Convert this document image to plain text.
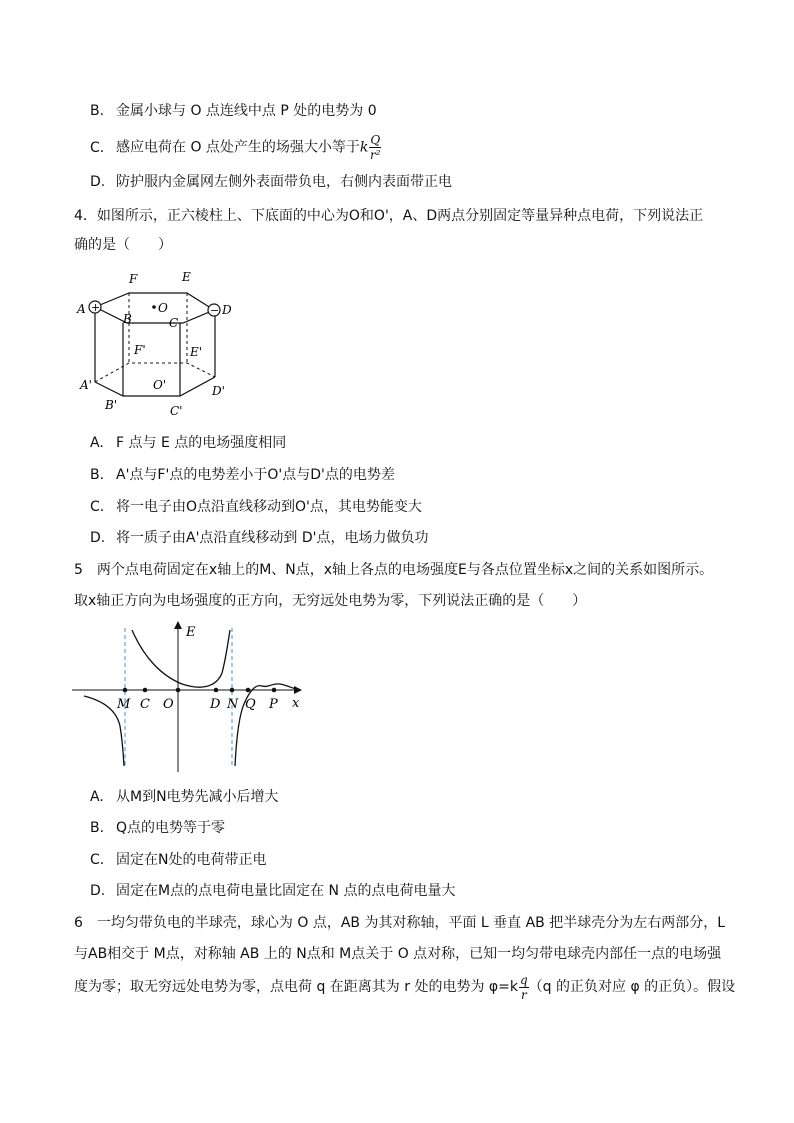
B. 金属小球与 O 点连线中点 P 处的电势为 0
C. 感应电荷在 O 点处产生的场强大小等于k $\frac{Q}{\text{r²}}$
D. 防护服内金属网左侧外表面带负电，右侧内表面带正电
4．如图所示，正六棱柱上、下底面的中心为O和O'，A、D两点分别固定等量异种点电荷，下列说法正
确的是（　　）
+	−
A
F	E
D
O
B	C
F'	E'
O'
A'
B'	C'
D'
A. F 点与 E 点的电场强度相同
B. A'点与F'点的电势差小于O'点与D'点的电势差
C. 将一电子由O点沿直线移动到O'点，其电势能变大
D. 将一质子由A'点沿直线移动到 D'点，电场力做负功
5　两个点电荷固定在x轴上的M、N点，x轴上各点的电场强度E与各点位置坐标x之间的关系如图所示。
取x轴正方向为电场强度的正方向，无穷远处电势为零，下列说法正确的是（　　）
E
x
M C O	D N Q P
A. 从M到N电势先减小后增大
B. Q点的电势等于零
C. 固定在N处的电荷带正电
D. 固定在M点的点电荷电量比固定在 N 点的点电荷电量大
6　一均匀带负电的半球壳，球心为 O 点，AB 为其对称轴，平面 L 垂直 AB 把半球壳分为左右两部分，L
与AB相交于 M点，对称轴 AB 上的 N点和 M点关于 O 点对称，已知一均匀带电球壳内部任一点的电场强
度为零；取无穷远处电势为零，点电荷 q 在距离其为 r 处的电势为 $\varphi=k \frac{q}{r} (q$ 的正负对应 φ 的正负）。假设
